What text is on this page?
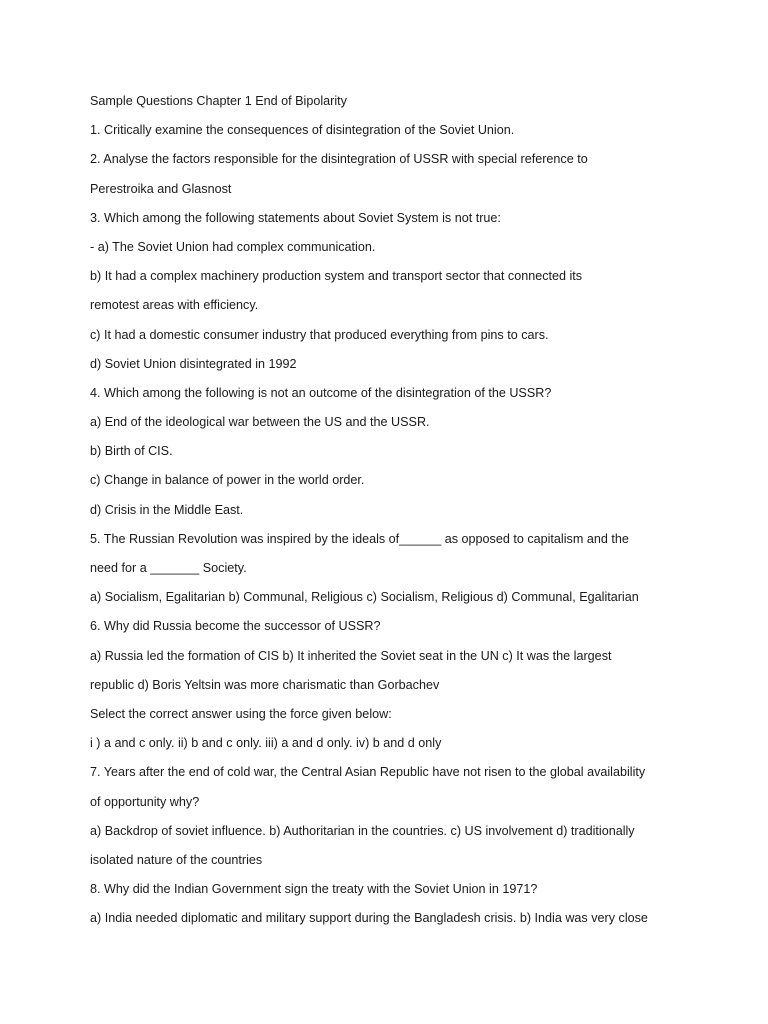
Sample Questions Chapter 1 End of Bipolarity
1. Critically examine the consequences of disintegration of the Soviet Union.
2. Analyse the factors responsible for the disintegration of USSR with special reference to
Perestroika and Glasnost
3. Which among the following statements about Soviet System is not true:
- a) The Soviet Union had complex communication.
b) It had a complex machinery production system and transport sector that connected its
remotest areas with efficiency.
c) It had a domestic consumer industry that produced everything from pins to cars.
d) Soviet Union disintegrated in 1992
4. Which among the following is not an outcome of the disintegration of the USSR?
a) End of the ideological war between the US and the USSR.
b) Birth of CIS.
c) Change in balance of power in the world order.
d) Crisis in the Middle East.
5. The Russian Revolution was inspired by the ideals of______ as opposed to capitalism and the
need for a _______ Society.
a) Socialism, Egalitarian b) Communal, Religious c) Socialism, Religious d) Communal, Egalitarian
6. Why did Russia become the successor of USSR?
a) Russia led the formation of CIS b) It inherited the Soviet seat in the UN c) It was the largest
republic d) Boris Yeltsin was more charismatic than Gorbachev
Select the correct answer using the force given below:
i ) a and c only. ii) b and c only. iii) a and d only. iv) b and d only
7. Years after the end of cold war, the Central Asian Republic have not risen to the global availability
of opportunity why?
a) Backdrop of soviet influence. b) Authoritarian in the countries. c) US involvement d) traditionally
isolated nature of the countries
8. Why did the Indian Government sign the treaty with the Soviet Union in 1971?
a) India needed diplomatic and military support during the Bangladesh crisis. b) India was very close
